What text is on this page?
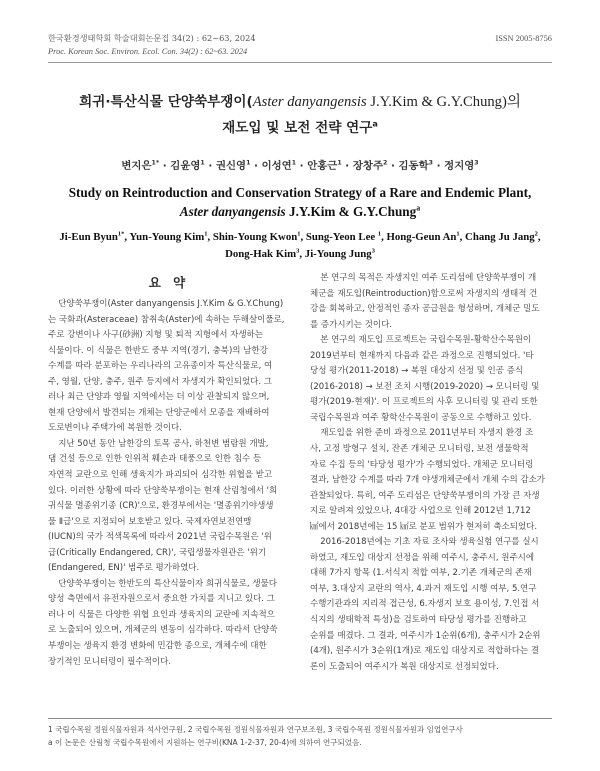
한국환경생태학회 학술대회논문집 34(2) : 62~63, 2024
Proc. Korean Soc. Environ. Ecol. Con. 34(2) : 62~63. 2024
ISSN 2005-8756
희귀·특산식물 단양쑥부쟁이(Aster danyangensis J.Y.Kim & G.Y.Chung)의
재도입 및 보전 전략 연구$^a$
변지은$^{1*}$ · 김윤영$^1$ · 권신영$^1$ · 이성연$^1$ · 안홍근$^1$ · 장창주$^2$ · 김동학$^3$ · 정지영$^3$
Study on Reintroduction and Conservation Strategy of a Rare and Endemic Plant,
Aster danyangensis J.Y.Kim & G.Y.Chung$^a$
Ji-Eun Byun$^{1*}$, Yun-Young Kim$^1$, Shin-Young Kwon$^1$, Sung-Yeon Lee $^1$, Hong-Geun An$^1$, Chang Ju Jang$^2$,
Dong-Hak Kim$^3$, Ji-Young Jung$^3$
요 약
단양쑥부쟁이(Aster danyangensis J.Y.Kim & G.Y.Chung)
는 국화과(Asteraceae) 참취속(Aster)에 속하는 두해살이풀로,
주로 강변이나 사구(砂洲) 지형 및 퇴적 지형에서 자생하는
식물이다. 이 식물은 한반도 중부 지역(경기, 충북)의 남한강
수계를 따라 분포하는 우리나라의 고유종이자 특산식물로, 여
주, 영월, 단양, 충주, 원주 등지에서 자생지가 확인되었다. 그
러나 최근 단양과 영월 지역에서는 더 이상 관찰되지 않으며,
현재 단양에서 발견되는 개체는 단양군에서 모종을 재배하여
도로변이나 주택가에 복원한 것이다.
지난 50년 동안 남한강의 토목 공사, 하천변 범람원 개발,
댐 건설 등으로 인한 인위적 훼손과 태풍으로 인한 침수 등
자연적 교란으로 인해 생육지가 파괴되어 심각한 위협을 받고
있다. 이러한 상황에 따라 단양쑥부쟁이는 현재 산림청에서 '희
귀식물 멸종위기종 (CR)'으로, 환경부에서는 '멸종위기야생생
물 Ⅱ급'으로 지정되어 보호받고 있다. 국제자연보전연맹
(IUCN)의 국가 적색목록에 따라서 2021년 국립수목원은 '위
급(Critically Endangered, CR)', 국립생물자원관은 '위기
(Endangered, EN)' 범주로 평가하였다.
단양쑥부쟁이는 한반도의 특산식물이자 희귀식물로, 생물다
양성 측면에서 유전자원으로서 중요한 가치를 지니고 있다. 그
러나 이 식물은 다양한 위협 요인과 생육지의 교란에 지속적으
로 노출되어 있으며, 개체군의 변동이 심각하다. 따라서 단양쑥
부쟁이는 생육지 환경 변화에 민감한 종으로, 개체수에 대한
장기적인 모니터링이 필수적이다.
본 연구의 목적은 자생지인 여주 도리섬에 단양쑥부쟁이 개
체군을 재도입(Reintroduction)함으로써 자생지의 생태적 건
강을 회복하고, 안정적인 종자 공급원을 형성하며, 개체군 밀도
를 증가시키는 것이다.
본 연구의 재도입 프로젝트는 국립수목원-황학산수목원이
2019년부터 현재까지 다음과 같은 과정으로 진행되었다. '타
당성 평가(2011-2018) → 복원 대상지 선정 및 인공 증식
(2016-2018) → 보전 조치 시행(2019-2020) → 모니터링 및
평가(2019-현재)'. 이 프로젝트의 사후 모니터링 및 관리 또한
국립수목원과 여주 황학산수목원이 공동으로 수행하고 있다.
재도입을 위한 준비 과정으로 2011년부터 자생지 환경 조
사, 고정 방형구 설치, 잔존 개체군 모니터링, 보전 생물학적
자료 수집 등의 '타당성 평가'가 수행되었다. 개체군 모니터링
결과, 남한강 수계를 따라 7개 야생개체군에서 개체 수의 감소가
관찰되었다. 특히, 여주 도리섬은 단양쑥부쟁이의 가장 큰 자생
지로 알려져 있었으나, 4대강 사업으로 인해 2012년 1,712
㎢에서 2018년에는 15 ㎢로 분포 범위가 현저히 축소되었다.
2016-2018년에는 기초 자료 조사와 생육실험 연구를 실시
하였고, 재도입 대상지 선정을 위해 여주시, 충주시, 원주시에
대해 7가지 항목 (1.서식지 적합 여부, 2.기존 개체군의 존재
여부, 3.대상지 교란의 역사, 4.과거 재도입 시행 여부, 5.연구
수행기관과의 지리적 접근성, 6.자생지 보호 용이성, 7.인접 서
식지의 생태학적 특성)을 검토하여 타당성 평가를 진행하고
순위를 매겼다. 그 결과, 여주시가 1순위(6개), 충주시가 2순위
(4개), 원주시가 3순위(1개)로 재도입 대상지로 적합하다는 결
론이 도출되어 여주시가 복원 대상지로 선정되었다.
1 국립수목원 정원식물자원과 석사연구원, 2 국립수목원 정원식물자원과 연구보조원, 3 국립수목원 정원식물자원과 임업연구사
a 이 논문은 산림청 국립수목원에서 지원하는 연구비(KNA 1-2-37, 20-4)에 의하여 연구되었음.
